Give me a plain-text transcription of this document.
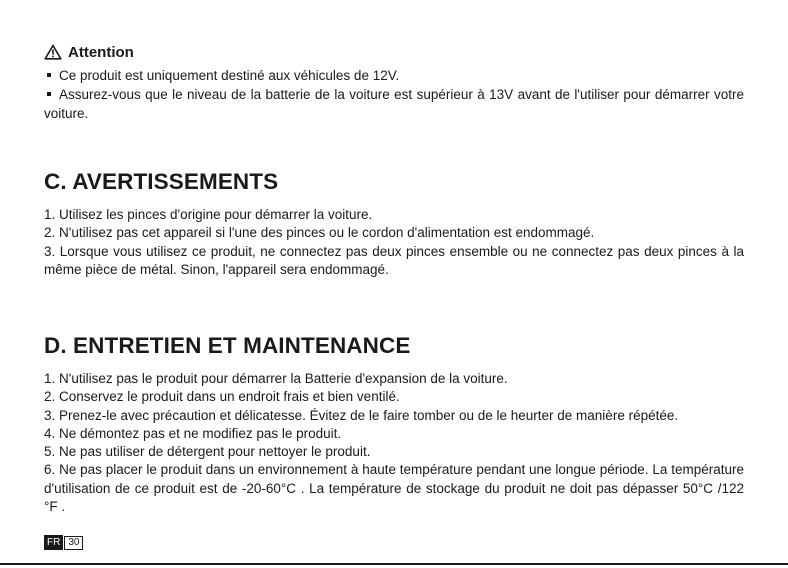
Attention
Ce produit est uniquement destiné aux véhicules de 12V.
Assurez-vous que le niveau de la batterie de la voiture est supérieur à 13V avant de l'utiliser pour démarrer votre voiture.
C. AVERTISSEMENTS
1. Utilisez les pinces d'origine pour démarrer la voiture.
2. N'utilisez pas cet appareil si l'une des pinces ou le cordon d'alimentation est endommagé.
3. Lorsque vous utilisez ce produit, ne connectez pas deux pinces ensemble ou ne connectez pas deux pinces à la même pièce de métal. Sinon, l'appareil sera endommagé.
D. ENTRETIEN ET MAINTENANCE
1. N'utilisez pas le produit pour démarrer la Batterie d'expansion de la voiture.
2. Conservez le produit dans un endroit frais et bien ventilé.
3. Prenez-le avec précaution et délicatesse. Évitez de le faire tomber ou de le heurter de manière répétée.
4. Ne démontez pas et ne modifiez pas le produit.
5. Ne pas utiliser de détergent pour nettoyer le produit.
6. Ne pas placer le produit dans un environnement à haute température pendant une longue période. La température d'utilisation de ce produit est de -20-60°C . La température de stockage du produit ne doit pas dépasser 50°C /122 °F .
FR 30
